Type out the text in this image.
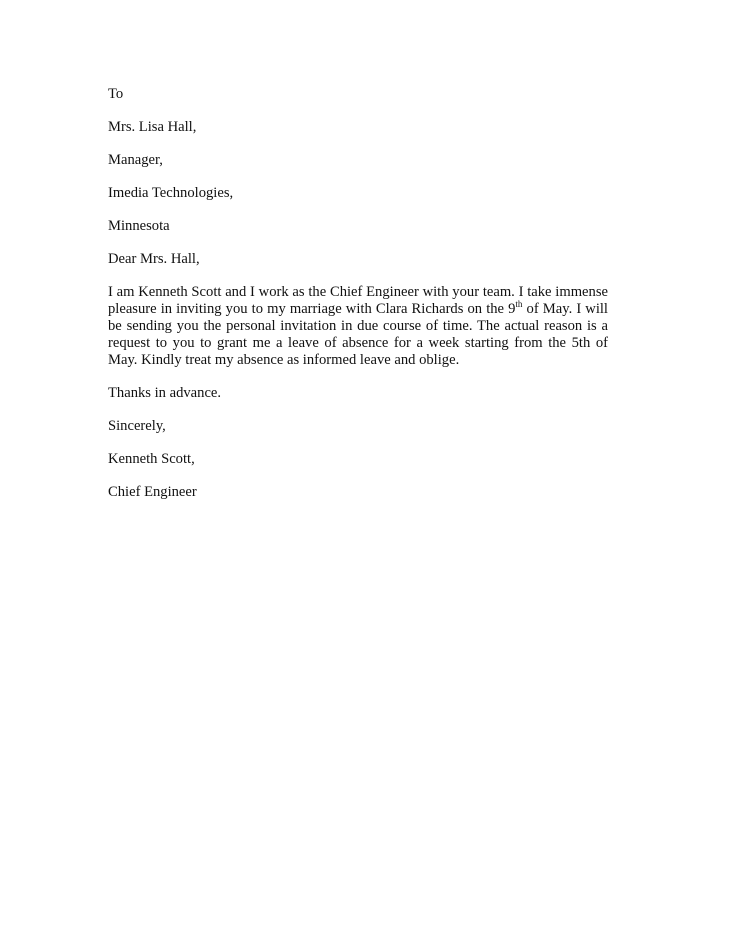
To

Mrs. Lisa Hall,

Manager,

Imedia Technologies,

Minnesota

Dear Mrs. Hall,

I am Kenneth Scott and I work as the Chief Engineer with your team. I take immense pleasure in inviting you to my marriage with Clara Richards on the 9th of May. I will be sending you the personal invitation in due course of time. The actual reason is a request to you to grant me a leave of absence for a week starting from the 5th of May. Kindly treat my absence as informed leave and oblige.

Thanks in advance.

Sincerely,

Kenneth Scott,

Chief Engineer
